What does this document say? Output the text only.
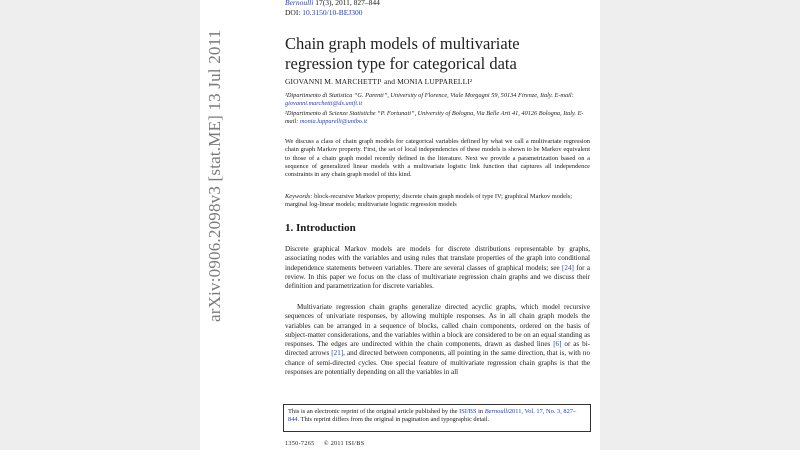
arXiv:0906.2098v3 [stat.ME] 13 Jul 2011
Bernoulli 17(3), 2011, 827–844
DOI: 10.3150/10-BEJ300
Chain graph models of multivariate regression type for categorical data
GIOVANNI M. MARCHETTI¹ and MONIA LUPPARELLI²
¹Dipartimento di Statistica “G. Parenti”, University of Florence, Viale Morgagni 59, 50134 Firenze, Italy. E-mail: giovanni.marchetti@ds.unifi.it
²Dipartimento di Scienze Statistiche “P. Fortunati”, University of Bologna, Via Belle Arti 41, 40126 Bologna, Italy. E-mail: monia.lupparelli@unibo.it

We discuss a class of chain graph models for categorical variables defined by what we call a multivariate regression chain graph Markov property. First, the set of local independencies of these models is shown to be Markov equivalent to those of a chain graph model recently defined in the literature. Next we provide a parametrization based on a sequence of generalized linear models with a multivariate logistic link function that captures all independence constraints in any chain graph model of this kind.

Keywords: block-recursive Markov property; discrete chain graph models of type IV; graphical Markov models; marginal log-linear models; multivariate logistic regression models

1. Introduction

Discrete graphical Markov models are models for discrete distributions representable by graphs, associating nodes with the variables and using rules that translate properties of the graph into conditional independence statements between variables. There are several classes of graphical models; see [24] for a review. In this paper we focus on the class of multivariate regression chain graphs and we discuss their definition and parametrization for discrete variables.

Multivariate regression chain graphs generalize directed acyclic graphs, which model recursive sequences of univariate responses, by allowing multiple responses. As in all chain graph models the variables can be arranged in a sequence of blocks, called chain components, ordered on the basis of subject-matter considerations, and the variables within a block are considered to be on an equal standing as responses. The edges are undirected within the chain components, drawn as dashed lines [6] or as bi-directed arrows [21], and directed between components, all pointing in the same direction, that is, with no chance of semi-directed cycles. One special feature of multivariate regression chain graphs is that the responses are potentially depending on all the variables in all

This is an electronic reprint of the original article published by the ISI/BS in Bernoulli2011, Vol. 17, No. 3, 827–844. This reprint differs from the original in pagination and typographic detail.
1350-7265 © 2011 ISI/BS
